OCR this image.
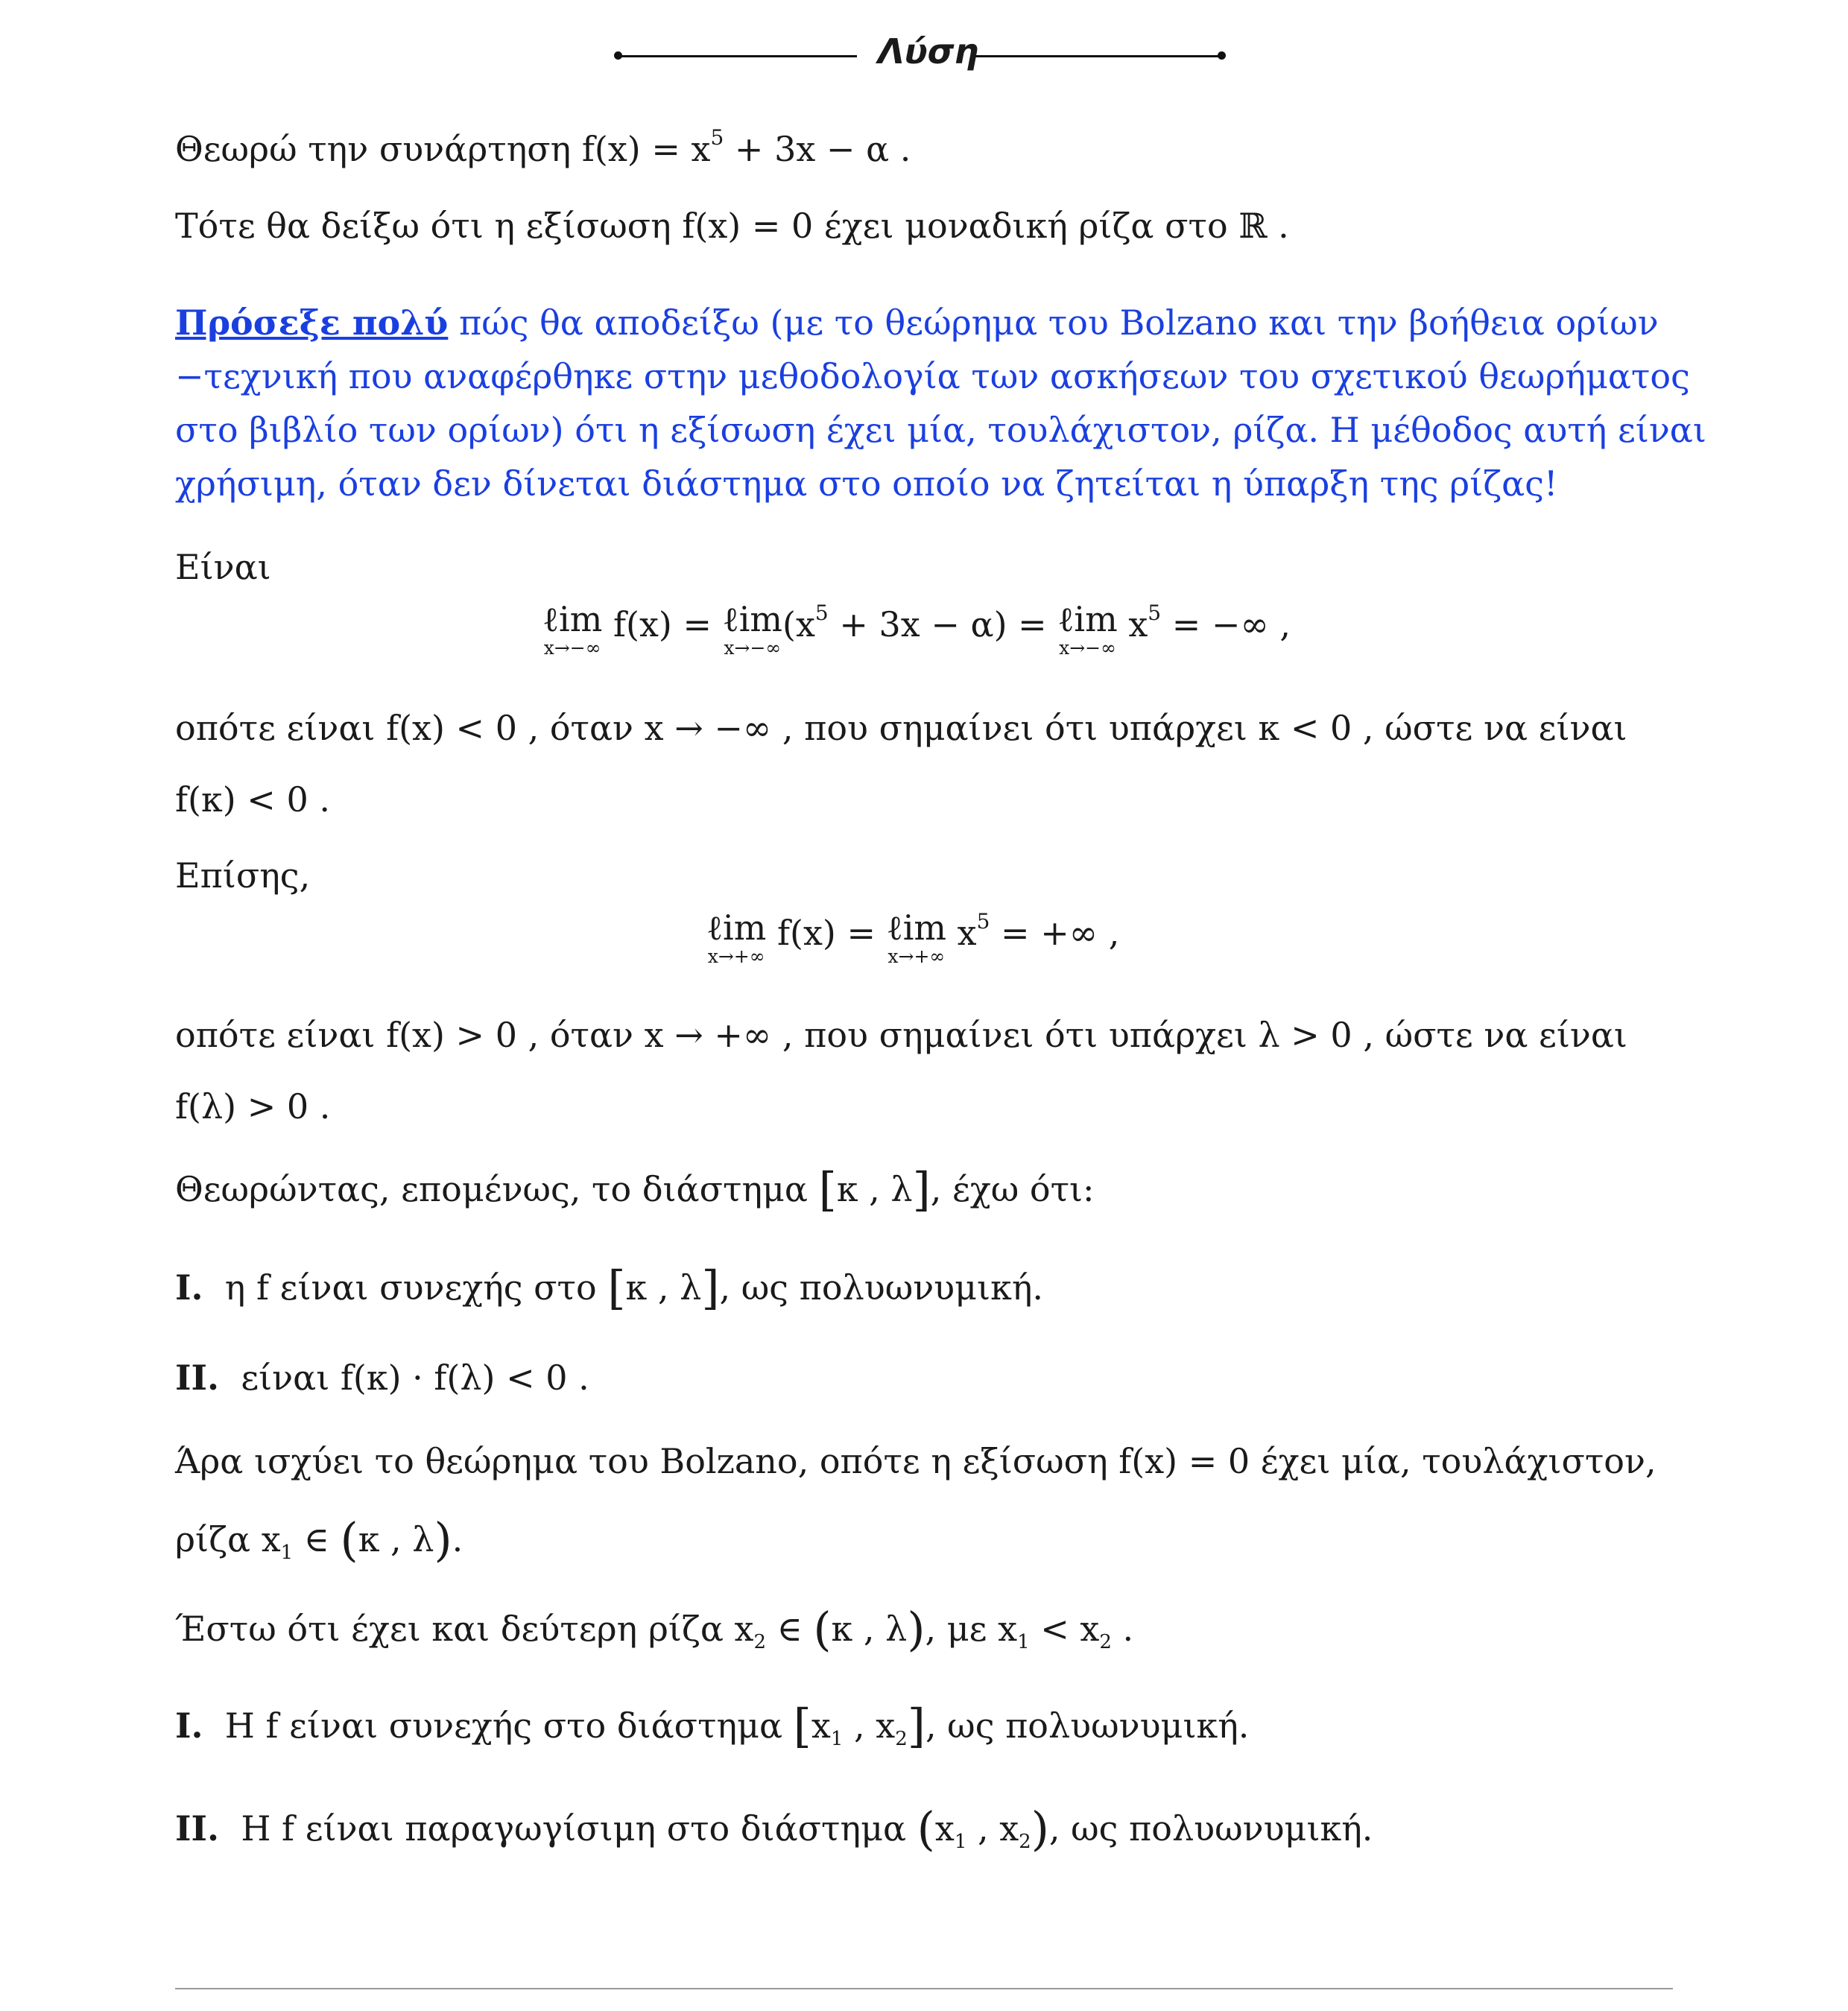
Λύση
Θεωρώ την συνάρτηση $f(x) = x^5 + 3x - \alpha$ .
Τότε θα δείξω ότι η εξίσωση f(x) = 0 έχει μοναδική ρίζα στο ℝ .
Πρόσεξε πολύ πώς θα αποδείξω (με το θεώρημα του Bolzano και την βοήθεια ορίων
−τεχνική που αναφέρθηκε στην μεθοδολογία των ασκήσεων του σχετικού θεωρήματος
στο βιβλίο των ορίων) ότι η εξίσωση έχει μία, τουλάχιστον, ρίζα. Η μέθοδος αυτή είναι
χρήσιμη, όταν δεν δίνεται διάστημα στο οποίο να ζητείται η ύπαρξη της ρίζας!
Είναι
ℓim
x→−∞
f(x) = ℓim
x→−∞
$(x^5 + 3x - \alpha)$ = ℓim
x→−∞
$x^5$ = −∞ ,
οπότε είναι f(x) < 0 , όταν x → −∞ , που σημαίνει ότι υπάρχει κ < 0 , ώστε να είναι
f(κ) < 0 .
Επίσης,
ℓim
x→+∞
f(x) = ℓim
x→+∞
$x^5$ = +∞ ,
οπότε είναι f(x) > 0 , όταν x → +∞ , που σημαίνει ότι υπάρχει λ > 0 , ώστε να είναι
f(λ) > 0 .
Θεωρώντας, επομένως, το διάστημα [κ , λ], έχω ότι:
I. η f είναι συνεχής στο [κ , λ], ως πολυωνυμική.
II. είναι f(κ) · f(λ) < 0 .
Άρα ισχύει το θεώρημα του Bolzano, οπότε η εξίσωση f(x) = 0 έχει μία, τουλάχιστον,
ρίζα $x_1$ ∈ (κ , λ).
Έστω ότι έχει και δεύτερη ρίζα $x_2$ ∈ (κ , λ), με $x_1 < x_2$ .
I. Η f είναι συνεχής στο διάστημα [$x_1$ , $x_2$], ως πολυωνυμική.
II. Η f είναι παραγωγίσιμη στο διάστημα ($x_1$ , $x_2$), ως πολυωνυμική.
